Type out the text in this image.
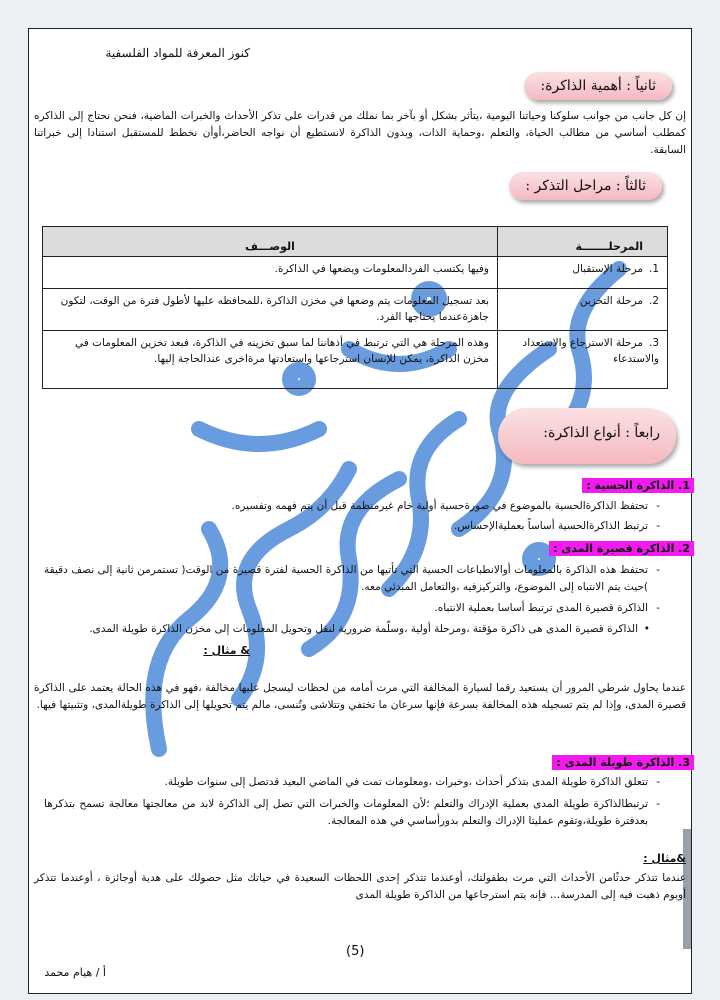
كنوز المعرفة للمواد الفلسفية
ثانياً : أهمية الذاكرة:

إن كل جانب من جوانب سلوكنا وحياتنا اليومية ،يتأثر بشكل أو بآخر بما نملك من قدرات على تذكر الأحداث والخبرات الماضية، فنحن نحتاج إلى الذاكره كمطلب أساسي من مطالب الحياة، والتعلم ،وحماية الذات، وبدون الذاكرة لانستطيع أن نواجه الحاضر،أوأن نخطط للمستقبل استنادا إلى خبراتنا السابقة.

ثالثاً : مراحل التذكر :
المرحلـــــــة	الوصـــف
1.مرحلة الإستقبال	وفيها يكتسب الفردالمعلومات ويضعها في الذاكرة.
2.مرحلة التخزين	بعد تسجيل المعلومات يتم وضعها في مخزن الذاكرة ،للمحافظه عليها لأطول فترة من الوقت، لتكون جاهزةعندما يحتاجها الفرد.
3.مرحلة الاسترجاع والاستعداد والاستدعاء	وهذه المرحلة هي التي ترتبط في أذهاننا لما سبق تخزينه في الذاكرة، فبعد تخزين المعلومات في مخزن الذاكرة، يمكن للإنسان استرجاعها واستعادتها مرةاخرى عندالحاجة إليها.
رابعاً : أنواع الذاكرة:
1. الذاكرة الحسية :

- تحتفظ الذاكرةالحسية بالموضوع في صورةحسية أولية خام غيرمنظمة قبل أن يتم فهمه وتفسيره.

- ترتبط الذاكرةالحسية أساساً بعمليةالإحساس.

2. الذاكرة قصيرة المدى :

- تحتفظ هذه الذاكرة بالمعلومات أوالانطباعات الحسية التي تأتيها من الذاكرة الحسية لفترة قصيرة من الوقت( تستمرمن ثانية إلى نصف دقيقة )حيث يتم الانتباه إلى الموضوع، والتركيزفيه ،والتعامل المبدئي معه.

- الذاكرة قصيرة المدى ترتبط أساسا بعملية الانتباه.

• الذاكرة قصيرة المدى هى ذاكرة مؤقتة ،ومرحلة أولية ،وسلّمة ضرورية لنقل وتحويل المعلومات إلى مخزن الذاكرة طويلة المدى.

& مثال :

عندما يحاول شرطي المرور أن يستعيد رقما لسيارة المخالفة التي مرت أمامه من لحظات ليسجل عليها مخالفة ،فهو في هذه الحالة يعتمد على الذاكرة قصيرة المدى، وإذا لم يتم تسجيله هذه المخالفة بسرعة فإنها سرعان ما تختفي وتتلاشى وتُنسى، مالم يتم تحويلها إلى الذاكرة طويلةالمدى، وتثبيتها فيها.

3. الذاكرة طويلة المدى :

- تتعلق الذاكرة طويلة المدى بتذكر أحداث ،وخبرات ،ومعلومات تمت في الماضي البعيد قدتصل إلى سنوات طويلة.

- ترتبطالذاكرة طويلة المدى بعملية الإدراك والتعلم ؛لأن المعلومات والخبرات التي تصل إلى الذاكرة لابد من معالجتها معالجة تسمح بتذكرها بعدفترة طويلة،وتقوم عمليتا الإدراك والتعلم بدورأساسي في هذه المعالجة.

&مثال :

عندما تتذكر حدثًامن الأحداث التي مرت بطفولتك، أوعندما تتذكر إحدى اللحظات السعيدة في حياتك مثل حصولك على هدية أوجائزة ، أوعندما تتذكر أوبوم ذهبت فيه إلى المدرسة… فإنه يتم استرجاعها من الذاكرة طويلة المدى

(5)
أ / هيام محمد
